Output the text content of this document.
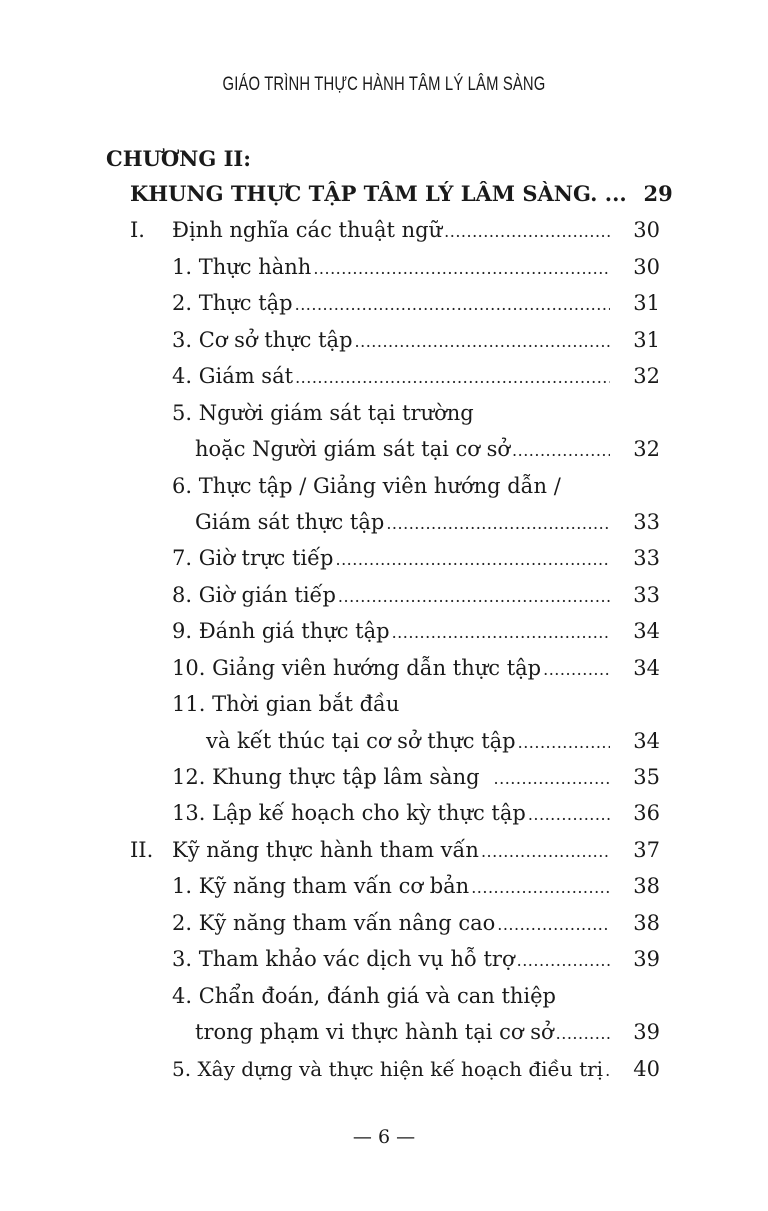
GIÁO TRÌNH THỰC HÀNH TÂM LÝ LÂM SÀNG
CHƯƠNG II:
KHUNG THỰC TẬP TÂM LÝ LÂM SÀNG. ... 29
I. Định nghĩa các thuật ngữ .....	30
1. Thực hành .....	30
2. Thực tập .....	31
3. Cơ sở thực tập .....	31
4. Giám sát .....	32
5. Người giám sát tại trường
hoặc Người giám sát tại cơ sở .....	32
6. Thực tập / Giảng viên hướng dẫn /
Giám sát thực tập .....	33
7. Giờ trực tiếp .....	33
8. Giờ gián tiếp .....	33
9. Đánh giá thực tập .....	34
10. Giảng viên hướng dẫn thực tập .....	34
11. Thời gian bắt đầu
và kết thúc tại cơ sở thực tập .....	34
12. Khung thực tập lâm sàng .....	35
13. Lập kế hoạch cho kỳ thực tập .....	36
II. Kỹ năng thực hành tham vấn .....	37
1. Kỹ năng tham vấn cơ bản .....	38
2. Kỹ năng tham vấn nâng cao .....	38
3. Tham khảo vác dịch vụ hỗ trợ .....	39
4. Chẩn đoán, đánh giá và can thiệp
trong phạm vi thực hành tại cơ sở .....	39
5. Xây dựng và thực hiện kế hoạch điều trị .....	40
— 6 —
